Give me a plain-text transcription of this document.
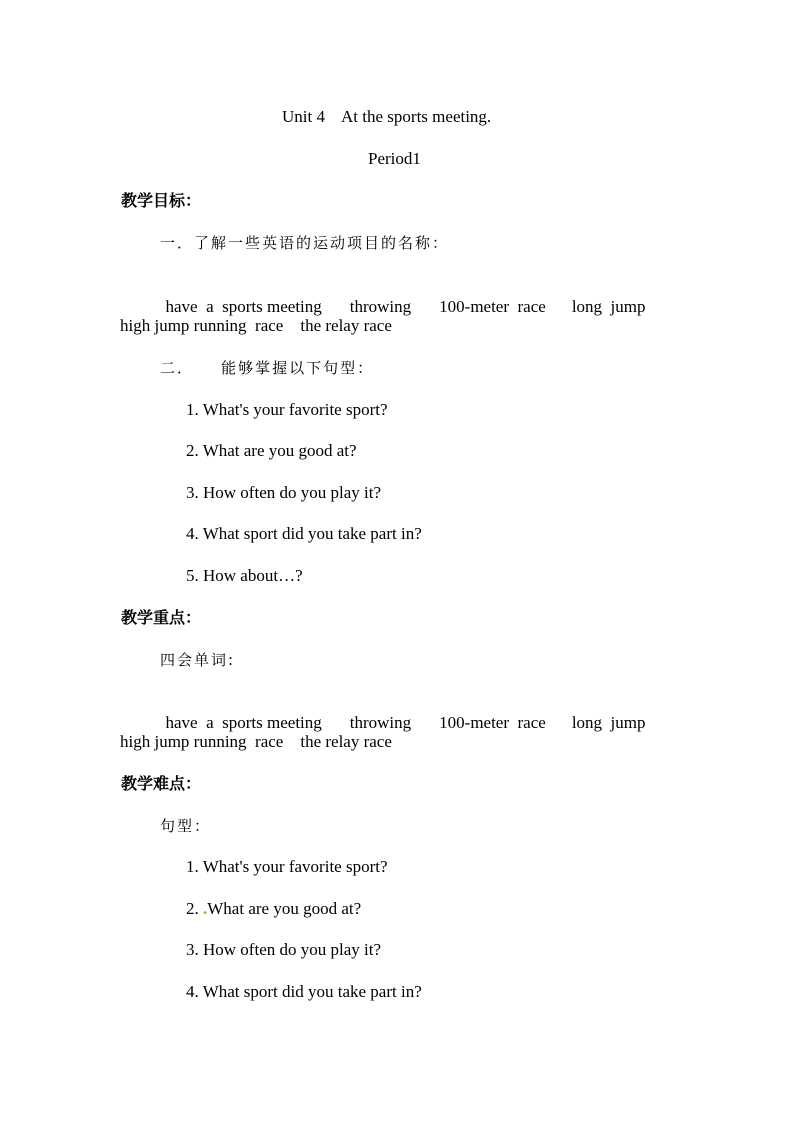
Unit 4    At the sports meeting.
Period1
教学目标：
一．了解一些英语的运动项目的名称：

have  a  sports meeting throwing 100-meter  race long  jump

high jump running  race    the relay race
二．    能够掌握以下句型：
1. What's your favorite sport?
2. What are you good at?
3. How often do you play it?
4. What sport did you take part in?
5. How about…?
教学重点：
四会单词:

have  a  sports meeting throwing 100-meter  race long  jump

high jump running  race    the relay race
教学难点：
句型：
1. What's your favorite sport?
2. .What are you good at?
3. How often do you play it?
4. What sport did you take part in?
